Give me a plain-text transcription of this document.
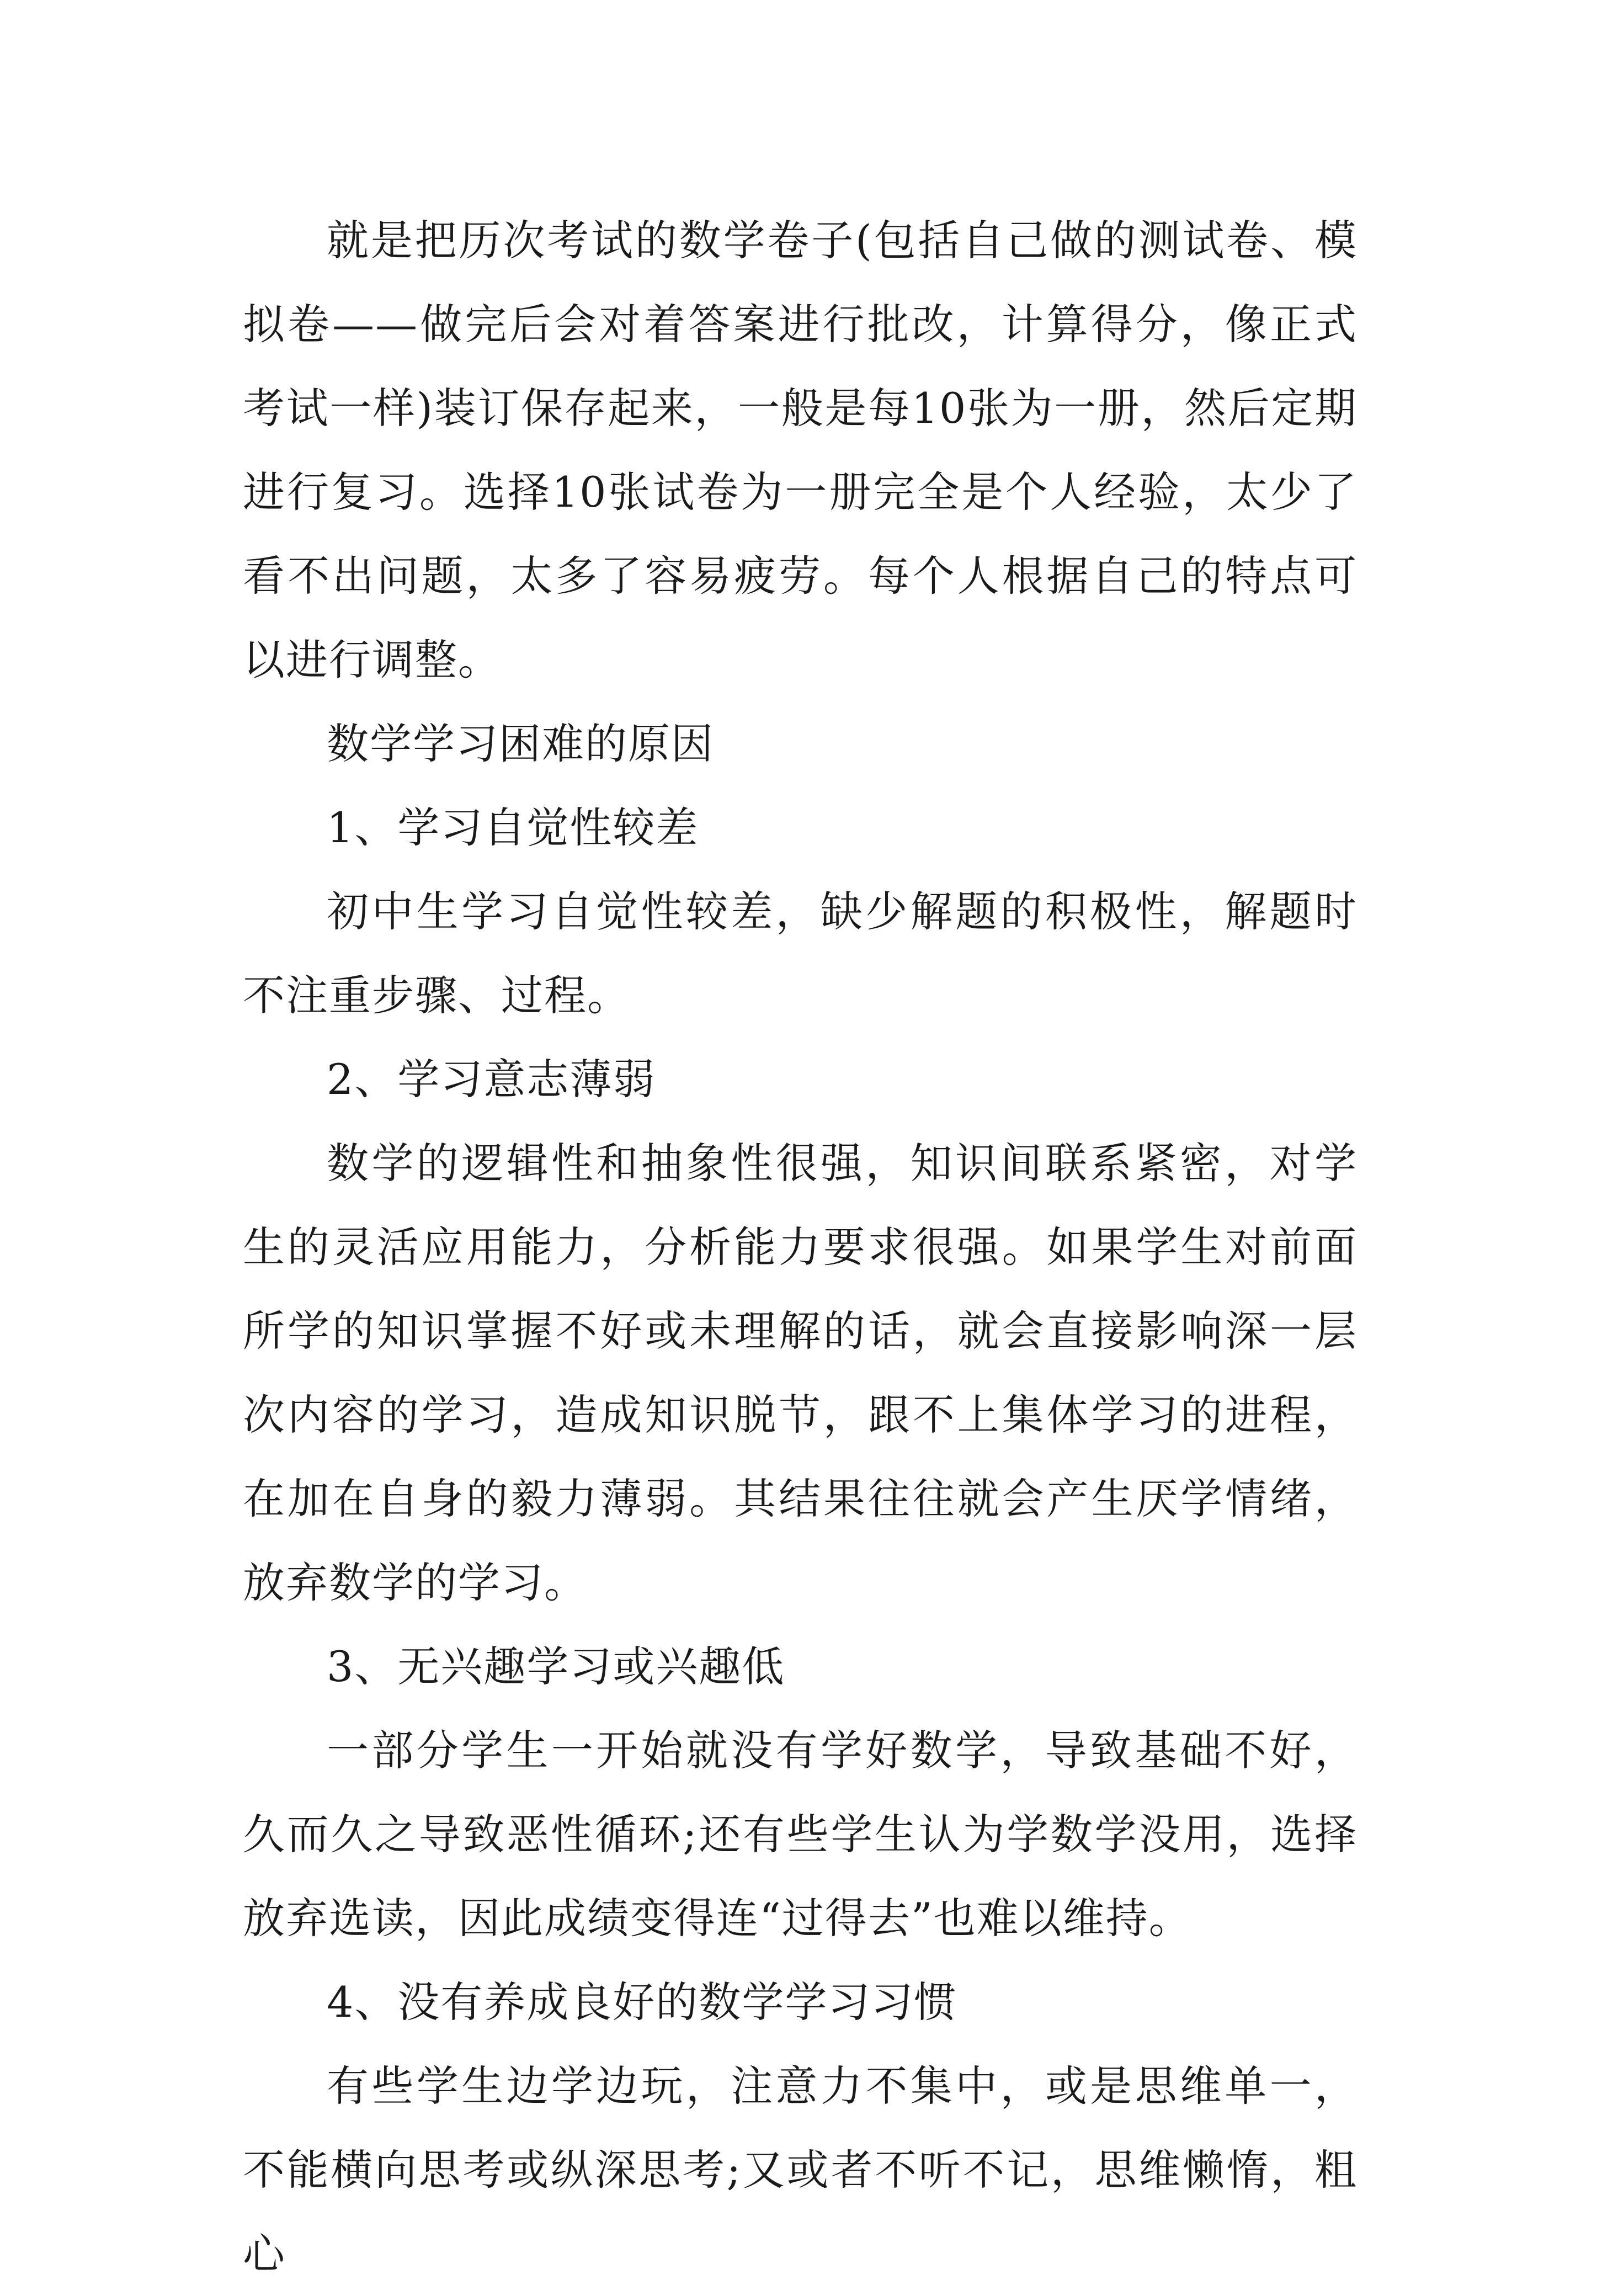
就是把历次考试的数学卷子(包括自己做的测试卷、模拟卷——做完后会对着答案进行批改，计算得分，像正式考试一样)装订保存起来，一般是每10张为一册，然后定期进行复习。选择10张试卷为一册完全是个人经验，太少了看不出问题，太多了容易疲劳。每个人根据自己的特点可以进行调整。

数学学习困难的原因

1、学习自觉性较差

初中生学习自觉性较差，缺少解题的积极性，解题时不注重步骤、过程。

2、学习意志薄弱

数学的逻辑性和抽象性很强，知识间联系紧密，对学生的灵活应用能力，分析能力要求很强。如果学生对前面所学的知识掌握不好或未理解的话，就会直接影响深一层次内容的学习，造成知识脱节，跟不上集体学习的进程，在加在自身的毅力薄弱。其结果往往就会产生厌学情绪，放弃数学的学习。

3、无兴趣学习或兴趣低

一部分学生一开始就没有学好数学，导致基础不好，久而久之导致恶性循环;还有些学生认为学数学没用，选择放弃选读，因此成绩变得连“过得去”也难以维持。

4、没有养成良好的数学学习习惯

有些学生边学边玩，注意力不集中，或是思维单一，不能横向思考或纵深思考;又或者不听不记，思维懒惰，粗心
